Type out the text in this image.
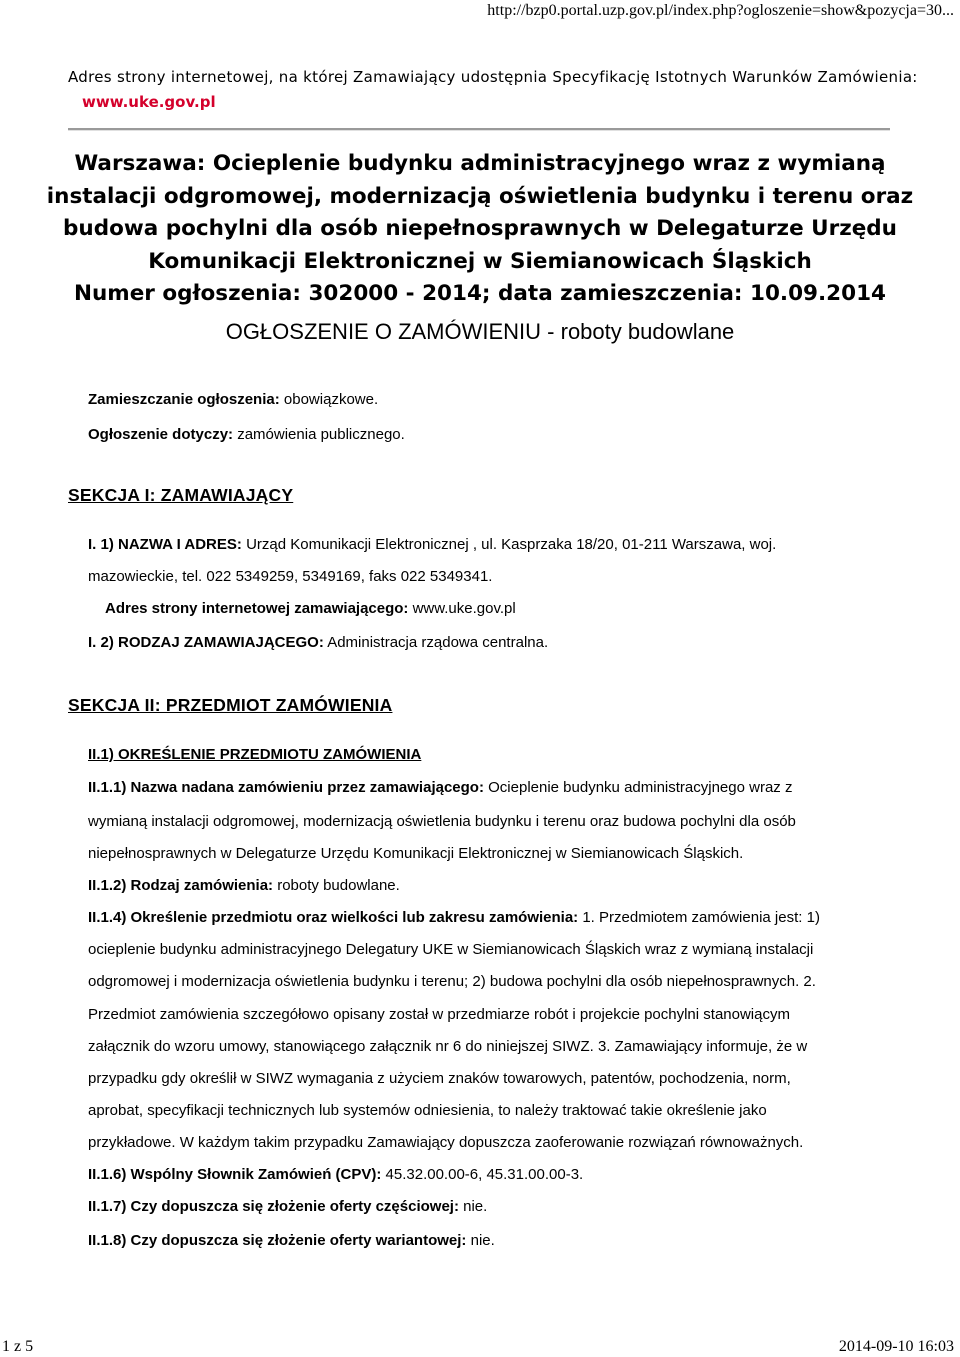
http://bzp0.portal.uzp.gov.pl/index.php?ogloszenie=show&pozycja=30...
Adres strony internetowej, na której Zamawiający udostępnia Specyfikację Istotnych Warunków Zamówienia:
www.uke.gov.pl
Warszawa: Ocieplenie budynku administracyjnego wraz z wymianą
instalacji odgromowej, modernizacją oświetlenia budynku i terenu oraz
budowa pochylni dla osób niepełnosprawnych w Delegaturze Urzędu
Komunikacji Elektronicznej w Siemianowicach Śląskich
Numer ogłoszenia: 302000 - 2014; data zamieszczenia: 10.09.2014
OGŁOSZENIE O ZAMÓWIENIU - roboty budowlane
Zamieszczanie ogłoszenia: obowiązkowe.
Ogłoszenie dotyczy: zamówienia publicznego.
SEKCJA I: ZAMAWIAJĄCY
I. 1) NAZWA I ADRES: Urząd Komunikacji Elektronicznej , ul. Kasprzaka 18/20, 01-211 Warszawa, woj.
mazowieckie, tel. 022 5349259, 5349169, faks 022 5349341.
Adres strony internetowej zamawiającego: www.uke.gov.pl
I. 2) RODZAJ ZAMAWIAJĄCEGO: Administracja rządowa centralna.
SEKCJA II: PRZEDMIOT ZAMÓWIENIA
II.1) OKREŚLENIE PRZEDMIOTU ZAMÓWIENIA
II.1.1) Nazwa nadana zamówieniu przez zamawiającego: Ocieplenie budynku administracyjnego wraz z
wymianą instalacji odgromowej, modernizacją oświetlenia budynku i terenu oraz budowa pochylni dla osób
niepełnosprawnych w Delegaturze Urzędu Komunikacji Elektronicznej w Siemianowicach Śląskich.
II.1.2) Rodzaj zamówienia: roboty budowlane.
II.1.4) Określenie przedmiotu oraz wielkości lub zakresu zamówienia: 1. Przedmiotem zamówienia jest: 1)
ocieplenie budynku administracyjnego Delegatury UKE w Siemianowicach Śląskich wraz z wymianą instalacji
odgromowej i modernizacja oświetlenia budynku i terenu; 2) budowa pochylni dla osób niepełnosprawnych. 2.
Przedmiot zamówienia szczegółowo opisany został w przedmiarze robót i projekcie pochylni stanowiącym
załącznik do wzoru umowy, stanowiącego załącznik nr 6 do niniejszej SIWZ. 3. Zamawiający informuje, że w
przypadku gdy określił w SIWZ wymagania z użyciem znaków towarowych, patentów, pochodzenia, norm,
aprobat, specyfikacji technicznych lub systemów odniesienia, to należy traktować takie określenie jako
przykładowe. W każdym takim przypadku Zamawiający dopuszcza zaoferowanie rozwiązań równoważnych.
II.1.6) Wspólny Słownik Zamówień (CPV): 45.32.00.00-6, 45.31.00.00-3.
II.1.7) Czy dopuszcza się złożenie oferty częściowej: nie.
II.1.8) Czy dopuszcza się złożenie oferty wariantowej: nie.
1 z 5	2014-09-10 16:03
